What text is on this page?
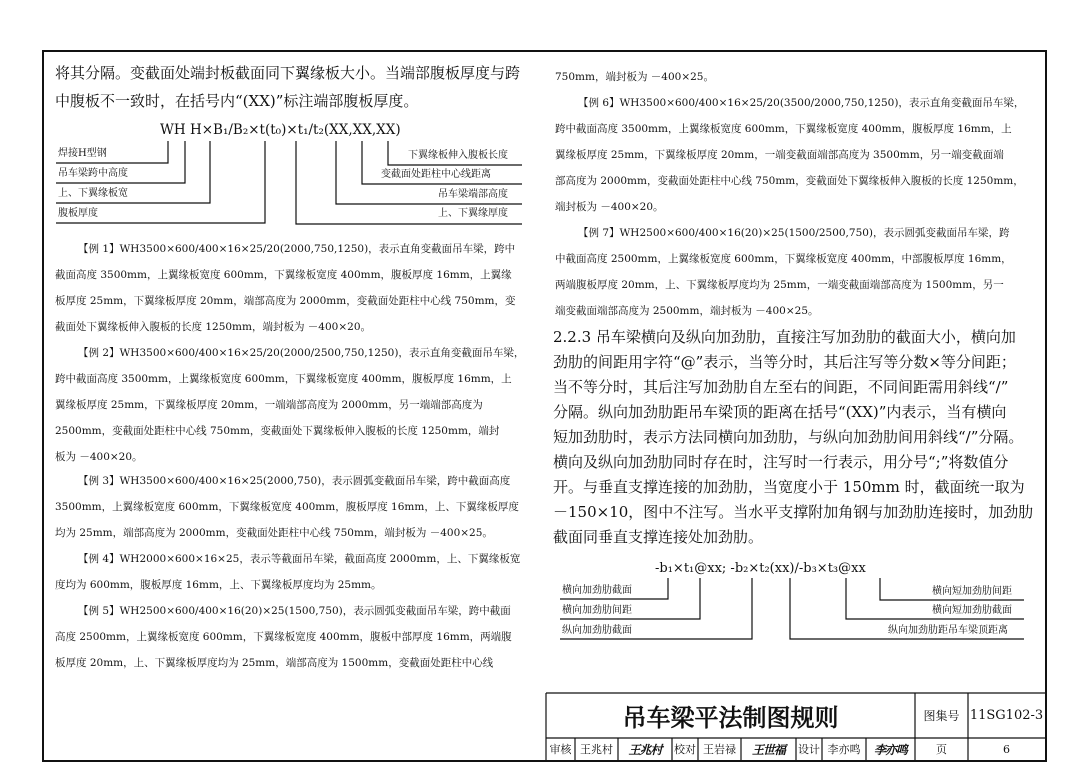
将其分隔。变截面处端封板截面同下翼缘板大小。当端部腹板厚度与跨
中腹板不一致时，在括号内“(XX)”标注端部腹板厚度。
WH H×B₁/B₂×t(t₀)×t₁/t₂(XX,XX,XX)
焊接H型钢
吊车梁跨中高度
上、下翼缘板宽
腹板厚度
下翼缘板伸入腹板长度
变截面处距柱中心线距离
吊车梁端部高度
上、下翼缘厚度
【例 1】WH3500×600/400×16×25/20(2000,750,1250)，表示直角变截面吊车梁，跨中
截面高度 3500mm，上翼缘板宽度 600mm，下翼缘板宽度 400mm，腹板厚度 16mm，上翼缘
板厚度 25mm，下翼缘板厚度 20mm，端部高度为 2000mm，变截面处距柱中心线 750mm，变
截面处下翼缘板伸入腹板的长度 1250mm，端封板为 －400×20。
【例 2】WH3500×600/400×16×25/20(2000/2500,750,1250)，表示直角变截面吊车梁，
跨中截面高度 3500mm，上翼缘板宽度 600mm，下翼缘板宽度 400mm，腹板厚度 16mm，上
翼缘板厚度 25mm，下翼缘板厚度 20mm，一端端部高度为 2000mm，另一端端部高度为
2500mm，变截面处距柱中心线 750mm，变截面处下翼缘板伸入腹板的长度 1250mm，端封
板为 －400×20。
【例 3】WH3500×600/400×16×25(2000,750)，表示圆弧变截面吊车梁，跨中截面高度
3500mm，上翼缘板宽度 600mm，下翼缘板宽度 400mm，腹板厚度 16mm，上、下翼缘板厚度
均为 25mm，端部高度为 2000mm，变截面处距柱中心线 750mm，端封板为 －400×25。
【例 4】WH2000×600×16×25，表示等截面吊车梁，截面高度 2000mm，上、下翼缘板宽
度均为 600mm，腹板厚度 16mm，上、下翼缘板厚度均为 25mm。
【例 5】WH2500×600/400×16(20)×25(1500,750)，表示圆弧变截面吊车梁，跨中截面
高度 2500mm，上翼缘板宽度 600mm，下翼缘板宽度 400mm，腹板中部厚度 16mm，两端腹
板厚度 20mm，上、下翼缘板厚度均为 25mm，端部高度为 1500mm，变截面处距柱中心线
750mm，端封板为 －400×25。
【例 6】WH3500×600/400×16×25/20(3500/2000,750,1250)，表示直角变截面吊车梁，
跨中截面高度 3500mm，上翼缘板宽度 600mm，下翼缘板宽度 400mm，腹板厚度 16mm，上
翼缘板厚度 25mm，下翼缘板厚度 20mm，一端变截面端部高度为 3500mm，另一端变截面端
部高度为 2000mm，变截面处距柱中心线 750mm，变截面处下翼缘板伸入腹板的长度 1250mm，
端封板为 －400×20。
【例 7】WH2500×600/400×16(20)×25(1500/2500,750)，表示圆弧变截面吊车梁，跨
中截面高度 2500mm，上翼缘板宽度 600mm，下翼缘板宽度 400mm，中部腹板厚度 16mm，
两端腹板厚度 20mm，上、下翼缘板厚度均为 25mm，一端变截面端部高度为 1500mm，另一
端变截面端部高度为 2500mm，端封板为 －400×25。
2.2.3 吊车梁横向及纵向加劲肋，直接注写加劲肋的截面大小，横向加
劲肋的间距用字符“@”表示，当等分时，其后注写等分数×等分间距；
当不等分时，其后注写加劲肋自左至右的间距，不同间距需用斜线“/”
分隔。纵向加劲肋距吊车梁顶的距离在括号“(XX)”内表示，当有横向
短加劲肋时，表示方法同横向加劲肋，与纵向加劲肋间用斜线“/”分隔。
横向及纵向加劲肋同时存在时，注写时一行表示，用分号“;”将数值分
开。与垂直支撑连接的加劲肋，当宽度小于 150mm 时，截面统一取为
－150×10，图中不注写。当水平支撑附加角钢与加劲肋连接时，加劲肋
截面同垂直支撑连接处加劲肋。
-b₁×t₁@xx; -b₂×t₂(xx)/-b₃×t₃@xx
横向加劲肋截面
横向加劲肋间距
纵向加劲肋截面
横向短加劲肋间距
横向短加劲肋截面
纵向加劲肋距吊车梁顶距离
吊车梁平法制图规则	图集号 11SG102-3
审核 王兆村	王兆村	校对 王岩禄	王世福	设计 李亦鸣	李亦鸣	页	6
